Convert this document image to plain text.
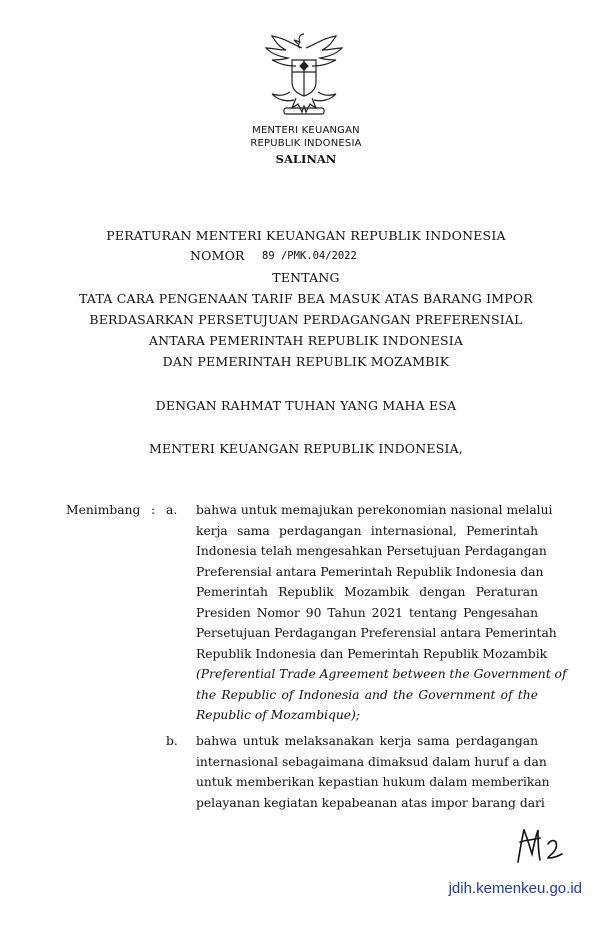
MENTERI KEUANGAN
REPUBLIK INDONESIA
SALINAN
PERATURAN MENTERI KEUANGAN REPUBLIK INDONESIA
NOMOR 89 /PMK.04/2022
TENTANG
TATA CARA PENGENAAN TARIF BEA MASUK ATAS BARANG IMPOR
BERDASARKAN PERSETUJUAN PERDAGANGAN PREFERENSIAL
ANTARA PEMERINTAH REPUBLIK INDONESIA
DAN PEMERINTAH REPUBLIK MOZAMBIK
DENGAN RAHMAT TUHAN YANG MAHA ESA
MENTERI KEUANGAN REPUBLIK INDONESIA,
Menimbang : a. bahwa untuk memajukan perekonomian nasional melalui
kerja sama perdagangan internasional, Pemerintah
Indonesia telah mengesahkan Persetujuan Perdagangan
Preferensial antara Pemerintah Republik Indonesia dan
Pemerintah Republik Mozambik dengan Peraturan
Presiden Nomor 90 Tahun 2021 tentang Pengesahan
Persetujuan Perdagangan Preferensial antara Pemerintah
Republik Indonesia dan Pemerintah Republik Mozambik
(Preferential Trade Agreement between the Government of
the Republic of Indonesia and the Government of the
Republic of Mozambique);
b. bahwa untuk melaksanakan kerja sama perdagangan
internasional sebagaimana dimaksud dalam huruf a dan
untuk memberikan kepastian hukum dalam memberikan
pelayanan kegiatan kepabeanan atas impor barang dari
jdih.kemenkeu.go.id
